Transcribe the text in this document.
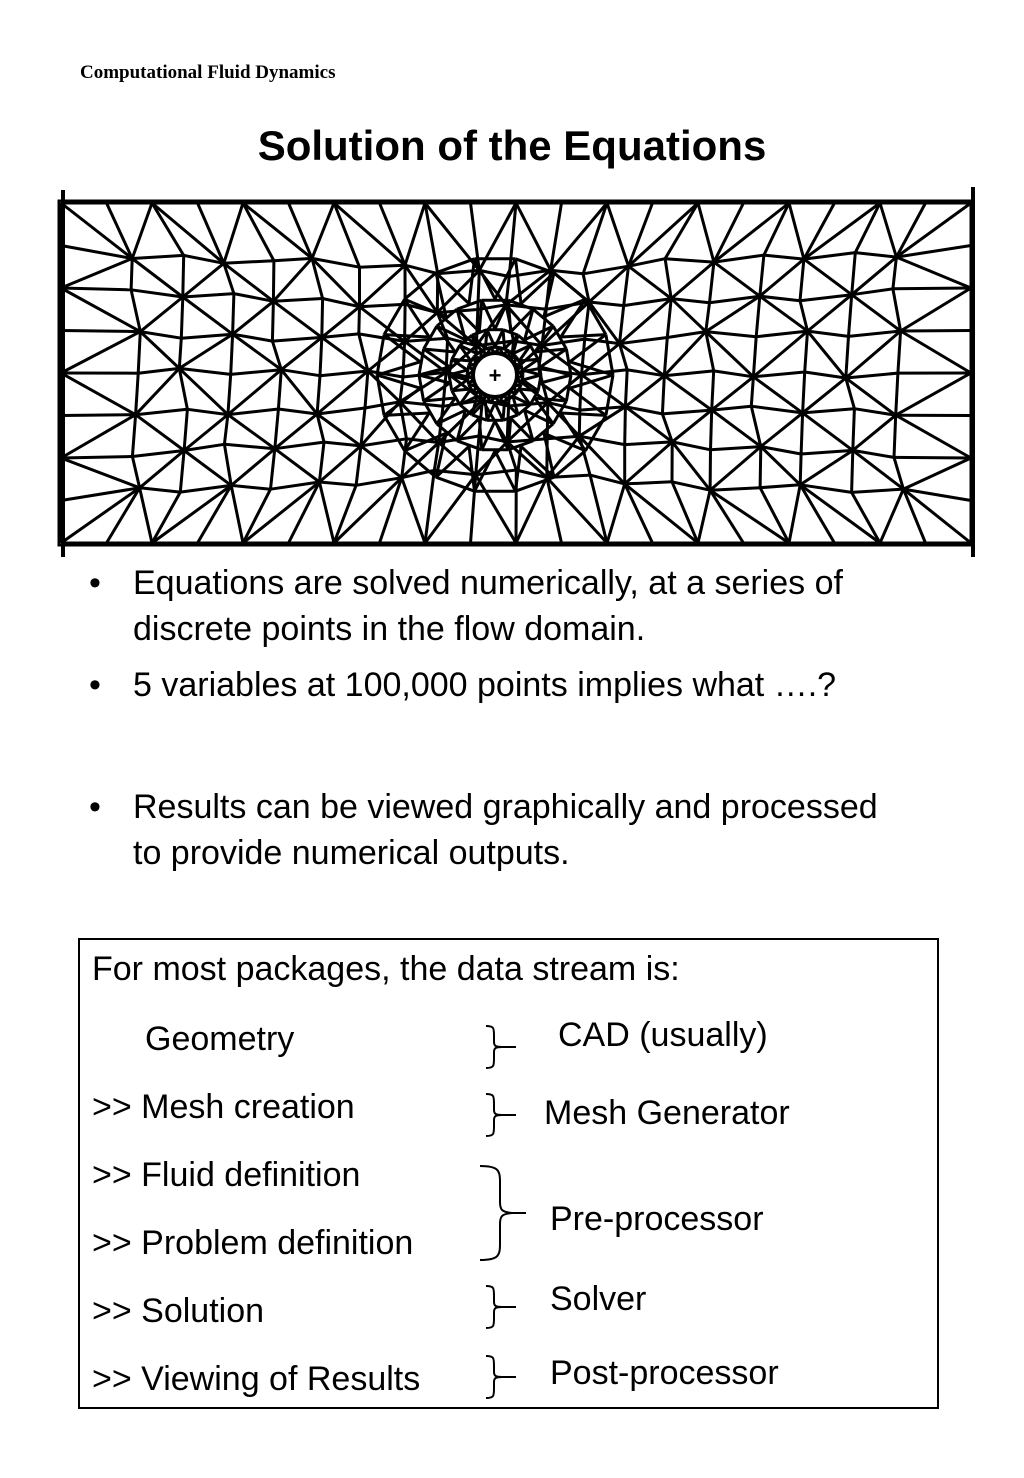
Computational Fluid Dynamics
Solution of the Equations
+
• Equations are solved numerically, at a series of
discrete points in the flow domain.
• 5 variables at 100,000 points implies what ….?
• Results can be viewed graphically and processed
to provide numerical outputs.
For most packages, the data stream is:
Geometry
>> Mesh creation
>> Fluid definition
>> Problem definition
>> Solution
>> Viewing of Results
CAD (usually)
Mesh Generator
Pre-processor
Solver
Post-processor
